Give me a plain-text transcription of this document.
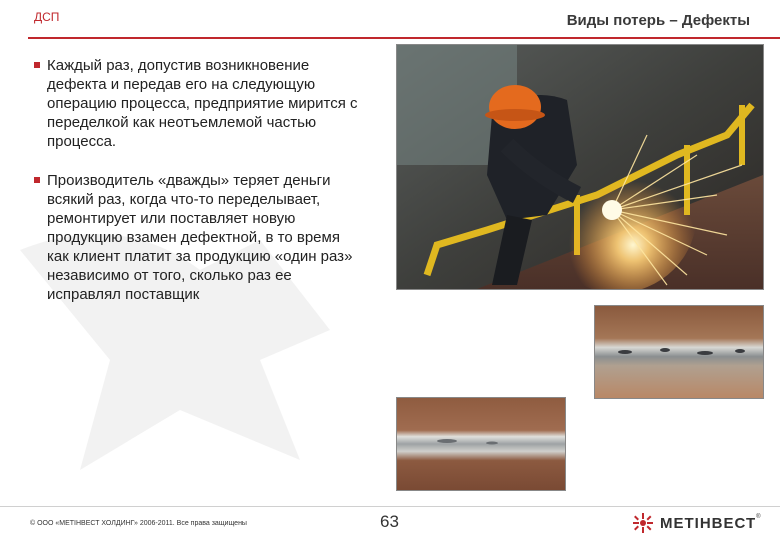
ДСП	Виды потерь – Дефекты
Каждый раз, допустив возникновение дефекта и передав его на следующую операцию процесса, предприятие мирится с переделкой как неотъемлемой частью процесса.
Производитель «дважды» теряет деньги всякий раз, когда что-то переделывает, ремонтирует или поставляет новую продукцию взамен дефектной, в то время как клиент платит за продукцию «один раз» независимо от того, сколько раз ее исправлял поставщик
© ООО «МЕТІНВЕСТ ХОЛДИНГ» 2006-2011. Все права защищены	63	МЕТІНВЕСТ ®
